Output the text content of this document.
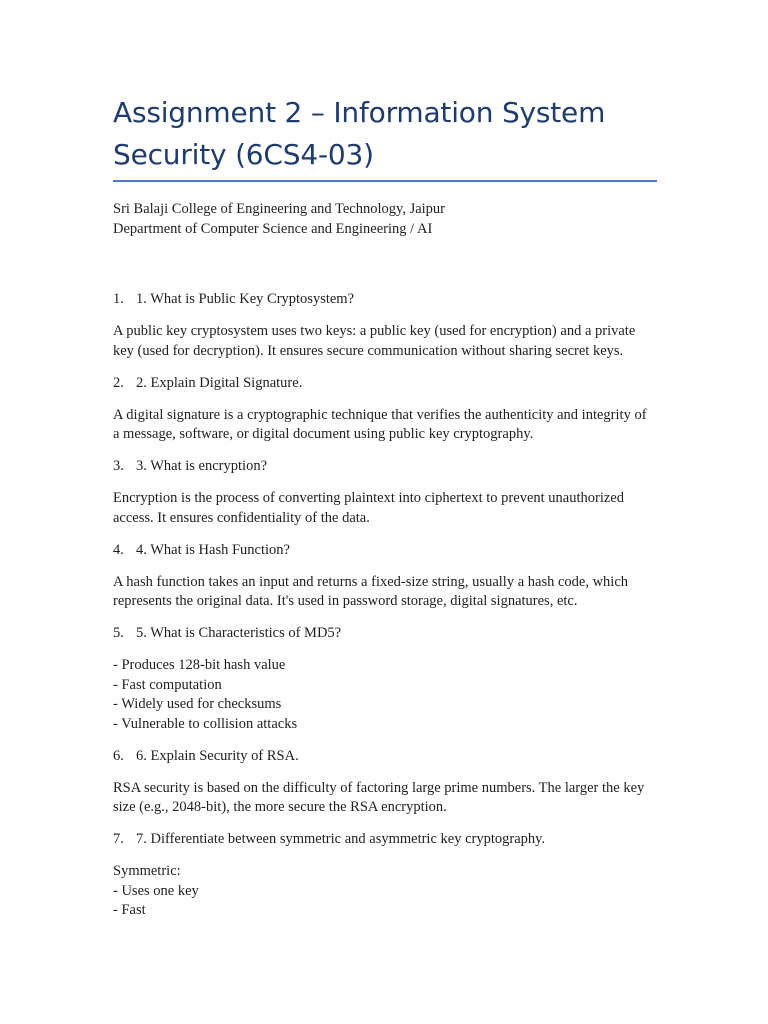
Assignment 2 – Information System
Security (6CS4-03)

Sri Balaji College of Engineering and Technology, Jaipur

Department of Computer Science and Engineering / AI

1. 1. What is Public Key Cryptosystem?
A public key cryptosystem uses two keys: a public key (used for encryption) and a private
key (used for decryption). It ensures secure communication without sharing secret keys.
2. 2. Explain Digital Signature.
A digital signature is a cryptographic technique that verifies the authenticity and integrity of
a message, software, or digital document using public key cryptography.
3. 3. What is encryption?
Encryption is the process of converting plaintext into ciphertext to prevent unauthorized
access. It ensures confidentiality of the data.
4. 4. What is Hash Function?
A hash function takes an input and returns a fixed-size string, usually a hash code, which
represents the original data. It's used in password storage, digital signatures, etc.
5. 5. What is Characteristics of MD5?
- Produces 128-bit hash value
- Fast computation
- Widely used for checksums
- Vulnerable to collision attacks
6. 6. Explain Security of RSA.
RSA security is based on the difficulty of factoring large prime numbers. The larger the key
size (e.g., 2048-bit), the more secure the RSA encryption.
7. 7. Differentiate between symmetric and asymmetric key cryptography.
Symmetric:
- Uses one key
- Fast
